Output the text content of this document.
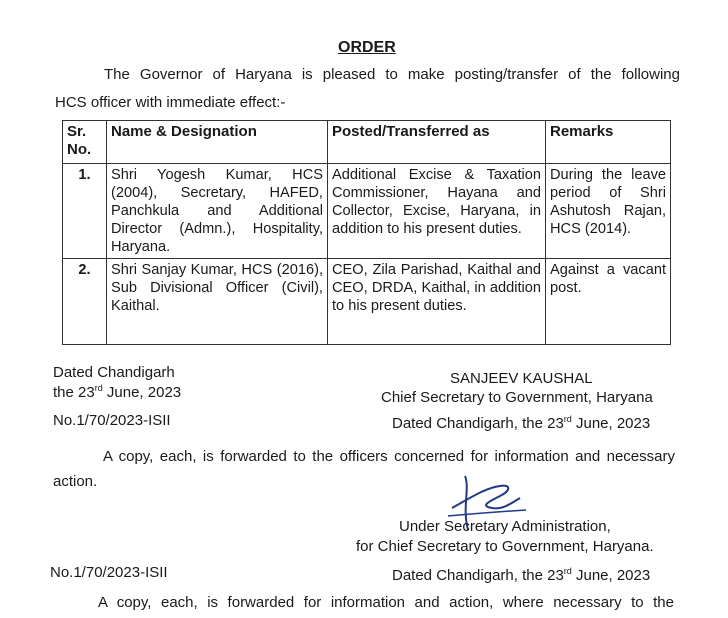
ORDER
The Governor of Haryana is pleased to make posting/transfer of the following
HCS officer with immediate effect:-
Sr. No.	Name & Designation	Posted/Transferred as	Remarks
1.	Shri Yogesh Kumar, HCS (2004), Secretary, HAFED, Panchkula and Additional Director (Admn.), Hospitality, Haryana.	Additional Excise & Taxation Commissioner, Hayana and Collector, Excise, Haryana, in addition to his present duties.	During the leave period of Shri Ashutosh Rajan, HCS (2014).
2.	Shri Sanjay Kumar, HCS (2016), Sub Divisional Officer (Civil), Kaithal.	CEO, Zila Parishad, Kaithal and CEO, DRDA, Kaithal, in addition to his present duties.	Against a vacant post.
Dated Chandigarh
the 23rd June, 2023
SANJEEV KAUSHAL
Chief Secretary to Government, Haryana
No.1/70/2023-ISII	Dated Chandigarh, the 23rd June, 2023
A copy, each, is forwarded to the officers concerned for information and necessary action.
Under Secretary Administration,
for Chief Secretary to Government, Haryana.
No.1/70/2023-ISII	Dated Chandigarh, the 23rd June, 2023
A copy, each, is forwarded for information and action, where necessary to the
